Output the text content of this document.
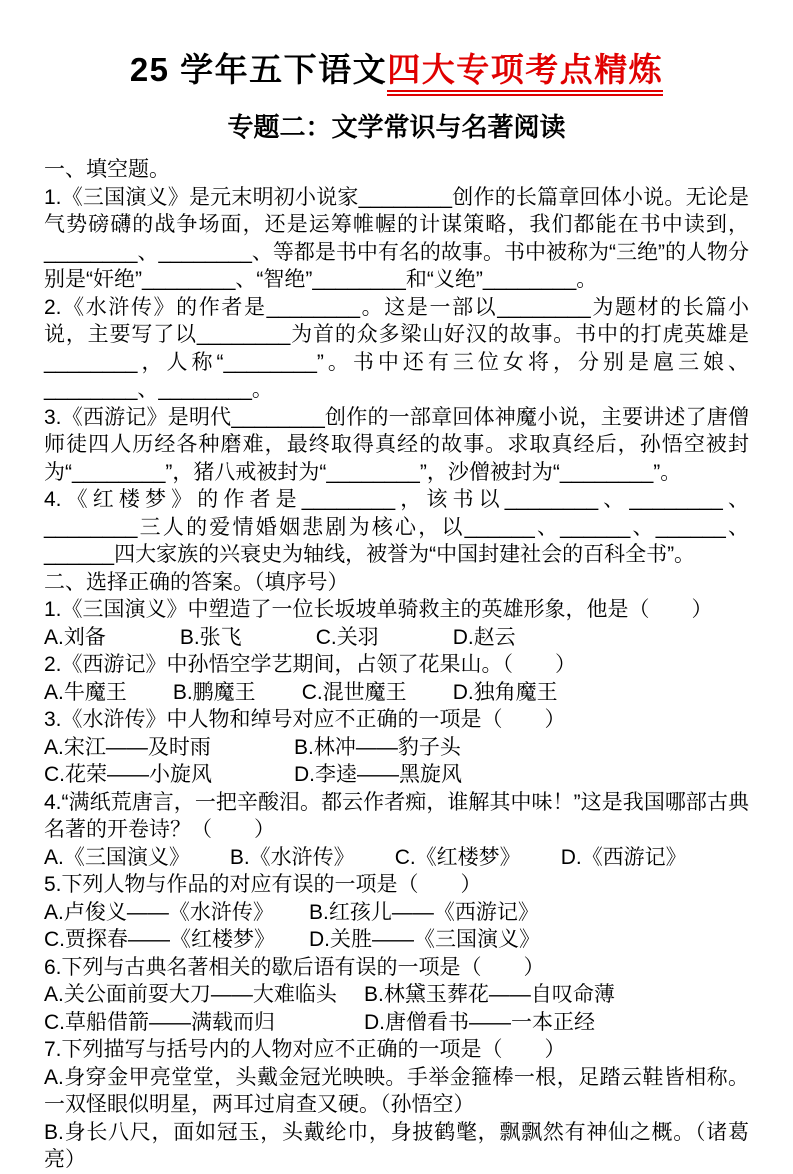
25 学年五下语文四大专项考点精炼
专题二：文学常识与名著阅读

一、填空题。

1.《三国演义》是元末明初小说家________创作的长篇章回体小说。无论是气势磅礴的战争场面，还是运筹帷幄的计谋策略，我们都能在书中读到，________、________、等都是书中有名的故事。书中被称为“三绝”的人物分别是“奸绝”________、“智绝”________和“义绝”________。

2.《水浒传》的作者是________。这是一部以________为题材的长篇小说，主要写了以________为首的众多梁山好汉的故事。书中的打虎英雄是________，人称“________”。书中还有三位女将，分别是扈三娘、________、________。

3.《西游记》是明代________创作的一部章回体神魔小说，主要讲述了唐僧师徒四人历经各种磨难，最终取得真经的故事。求取真经后，孙悟空被封为“________”，猪八戒被封为“________”，沙僧被封为“________”。

4.《红楼梦》的作者是________，该书以________、________、________三人的爱情婚姻悲剧为核心，以______、______、______、______四大家族的兴衰史为轴线，被誉为“中国封建社会的百科全书”。

二、选择正确的答案。（填序号）

1.《三国演义》中塑造了一位长坂坡单骑救主的英雄形象，他是（　　）

A.刘备	B.张飞	C.关羽	D.赵云

2.《西游记》中孙悟空学艺期间，占领了花果山。（　　）

A.牛魔王 B.鹏魔王 C.混世魔王 D.独角魔王

3.《水浒传》中人物和绰号对应不正确的一项是（　　）

A.宋江——及时雨	B.林冲——豹子头

C.花荣——小旋风	D.李逵——黑旋风

4.“满纸荒唐言，一把辛酸泪。都云作者痴，谁解其中味！”这是我国哪部古典名著的开卷诗？（　　）

A.《三国演义》 B.《水浒传》 C.《红楼梦》 D.《西游记》

5.下列人物与作品的对应有误的一项是（　　）

A.卢俊义——《水浒传》 B.红孩儿——《西游记》

C.贾探春——《红楼梦》 D.关胜——《三国演义》

6.下列与古典名著相关的歇后语有误的一项是（　　）

A.关公面前耍大刀——大难临头 B.林黛玉葬花——自叹命薄

C.草船借箭——满载而归	D.唐僧看书——一本正经

7.下列描写与括号内的人物对应不正确的一项是（　　）

A.身穿金甲亮堂堂，头戴金冠光映映。手举金箍棒一根，足踏云鞋皆相称。一双怪眼似明星，两耳过肩查又硬。（孙悟空）

B.身长八尺，面如冠玉，头戴纶巾，身披鹤氅，飘飘然有神仙之概。（诸葛亮）
